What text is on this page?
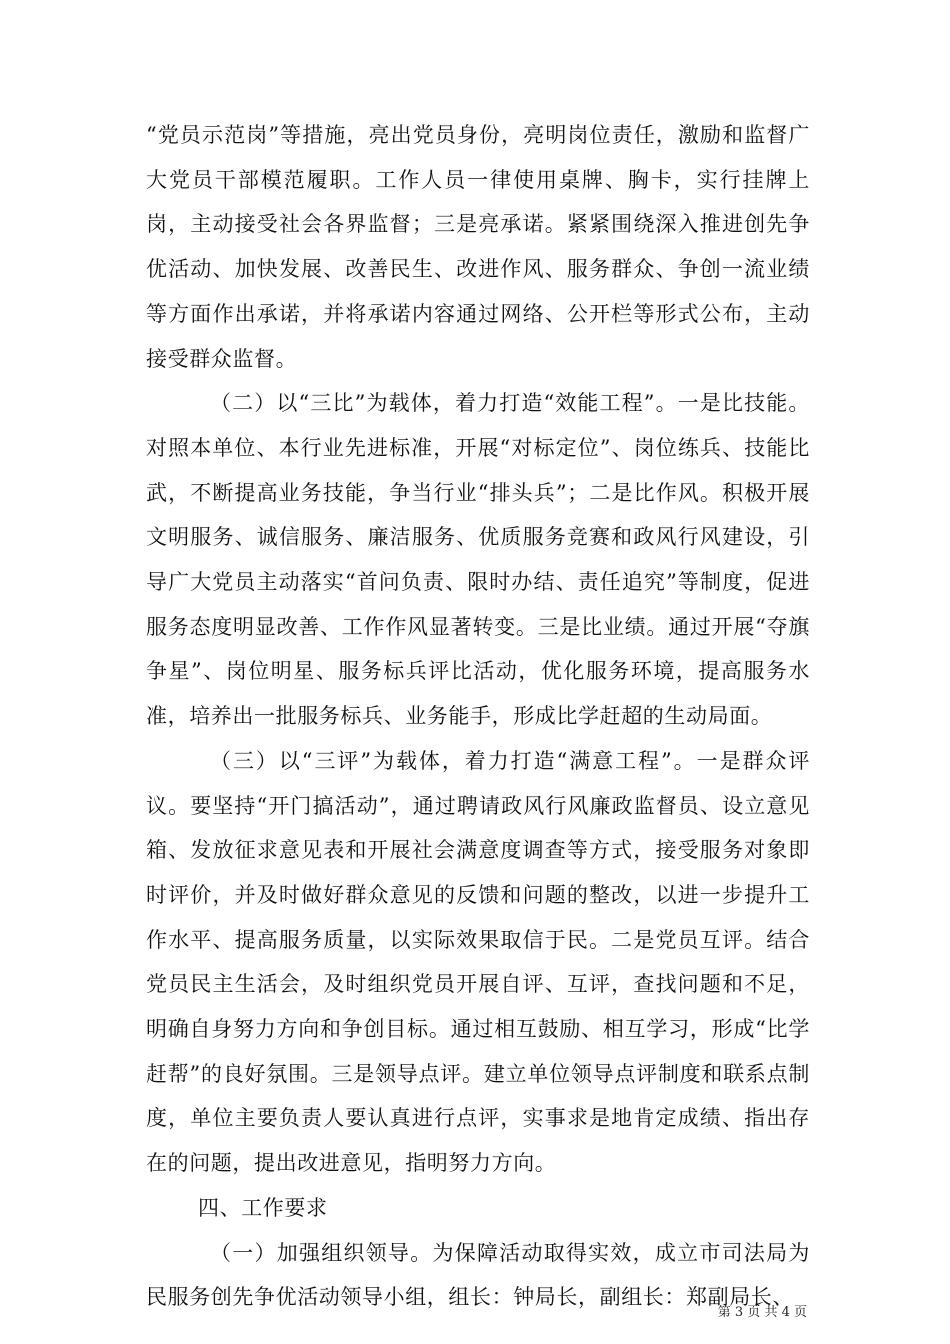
“党员示范岗”等措施，亮出党员身份，亮明岗位责任，激励和监督广大党员干部模范履职。工作人员一律使用桌牌、胸卡，实行挂牌上岗，主动接受社会各界监督；三是亮承诺。紧紧围绕深入推进创先争优活动、加快发展、改善民生、改进作风、服务群众、争创一流业绩等方面作出承诺，并将承诺内容通过网络、公开栏等形式公布，主动接受群众监督。

（二）以“三比”为载体，着力打造“效能工程”。一是比技能。对照本单位、本行业先进标准，开展“对标定位”、岗位练兵、技能比武，不断提高业务技能，争当行业“排头兵”；二是比作风。积极开展文明服务、诚信服务、廉洁服务、优质服务竞赛和政风行风建设，引导广大党员主动落实“首问负责、限时办结、责任追究”等制度，促进服务态度明显改善、工作作风显著转变。三是比业绩。通过开展“夺旗争星”、岗位明星、服务标兵评比活动，优化服务环境，提高服务水准，培养出一批服务标兵、业务能手，形成比学赶超的生动局面。

（三）以“三评”为载体，着力打造“满意工程”。一是群众评议。要坚持“开门搞活动”，通过聘请政风行风廉政监督员、设立意见箱、发放征求意见表和开展社会满意度调查等方式，接受服务对象即时评价，并及时做好群众意见的反馈和问题的整改，以进一步提升工作水平、提高服务质量，以实际效果取信于民。二是党员互评。结合党员民主生活会，及时组织党员开展自评、互评，查找问题和不足，明确自身努力方向和争创目标。通过相互鼓励、相互学习，形成“比学赶帮”的良好氛围。三是领导点评。建立单位领导点评制度和联系点制度，单位主要负责人要认真进行点评，实事求是地肯定成绩、指出存在的问题，提出改进意见，指明努力方向。

四、工作要求

（一）加强组织领导。为保障活动取得实效，成立市司法局为民服务创先争优活动领导小组，组长：钟局长，副组长：郑副局长、

第 3 页 共 4 页
